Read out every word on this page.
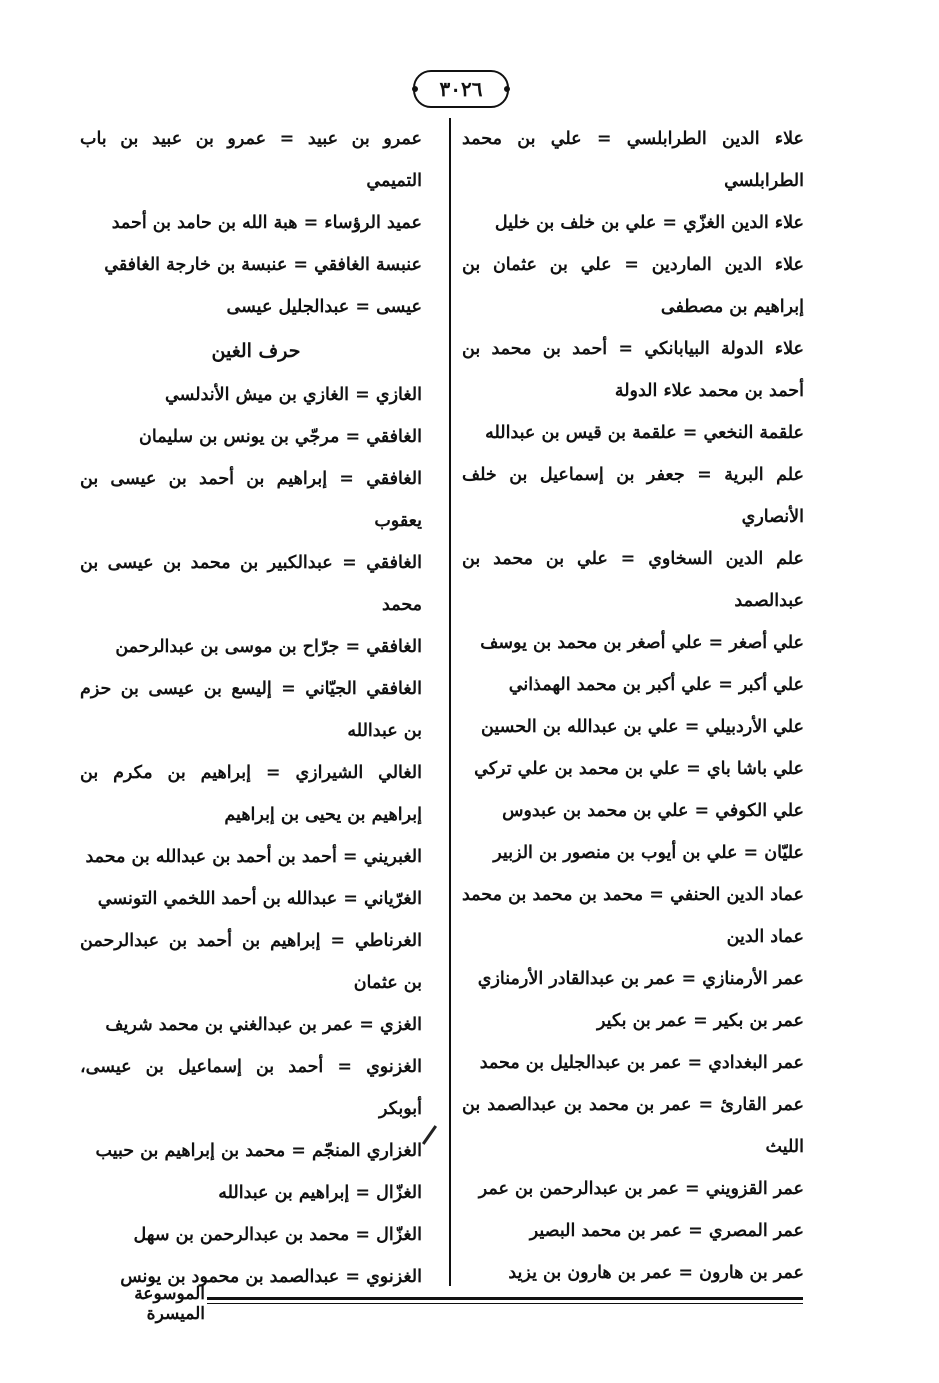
٣٠٢٦
علاء الدين الطرابلسي = علي بن محمد الطرابلسي
علاء الدين الغزّي = علي بن خلف بن خليل
علاء الدين الماردين = علي بن عثمان بن إبراهيم بن مصطفى
علاء الدولة البيابانكي = أحمد بن محمد بن أحمد بن محمد علاء الدولة
علقمة النخعي = علقمة بن قيس بن عبدالله
علم البرية = جعفر بن إسماعيل بن خلف الأنصاري
علم الدين السخاوي = علي بن محمد بن عبدالصمد
علي أصغر = علي أصغر بن محمد بن يوسف
علي أكبر = علي أكبر بن محمد الهمذاني
علي الأردبيلي = علي بن عبدالله بن الحسين
علي باشا باي = علي بن محمد بن علي تركي
علي الكوفي = علي بن محمد بن عبدوس
عليّان = علي بن أيوب بن منصور بن الزبير
عماد الدين الحنفي = محمد بن محمد بن محمد عماد الدين
عمر الأرمنازي = عمر بن عبدالقادر الأرمنازي
عمر بن بكير = عمر بن بكير
عمر البغدادي = عمر بن عبدالجليل بن محمد
عمر القارئ = عمر بن محمد بن عبدالصمد بن الليث
عمر القزويني = عمر بن عبدالرحمن بن عمر
عمر المصري = عمر بن محمد البصير
عمر بن هارون = عمر بن هارون بن يزيد
عمرو بن عبيد = عمرو بن عبيد بن باب التميمي
عميد الرؤساء = هبة الله بن حامد بن أحمد
عنبسة الغافقي = عنبسة بن خارجة الغافقي
عيسى = عبدالجليل عيسى
حرف الغين
الغازي = الغازي بن ميش الأندلسي
الغافقي = مرجّي بن يونس بن سليمان
الغافقي = إبراهيم بن أحمد بن عيسى بن يعقوب
الغافقي = عبدالكبير بن محمد بن عيسى بن محمد
الغافقي = جرّاح بن موسى بن عبدالرحمن
الغافقي الجيّاني = إليسع بن عيسى بن حزم بن عبدالله
الغالي الشيرازي = إبراهيم بن مكرم بن إبراهيم بن يحيى بن إبراهيم
الغبريني = أحمد بن أحمد بن عبدالله بن محمد
الغرّياني = عبدالله بن أحمد اللخمي التونسي
الغرناطي = إبراهيم بن أحمد بن عبدالرحمن بن عثمان
الغزي = عمر بن عبدالغني بن محمد شريف
الغزنوي = أحمد بن إسماعيل بن عيسى، أبوبكر
الغزاري المنجّم = محمد بن إبراهيم بن حبيب
الغزّال = إبراهيم بن عبدالله
الغزّال = محمد بن عبدالرحمن بن سهل
الغزنوي = عبدالصمد بن محمود بن يونس
الموسوعة الميسرة
